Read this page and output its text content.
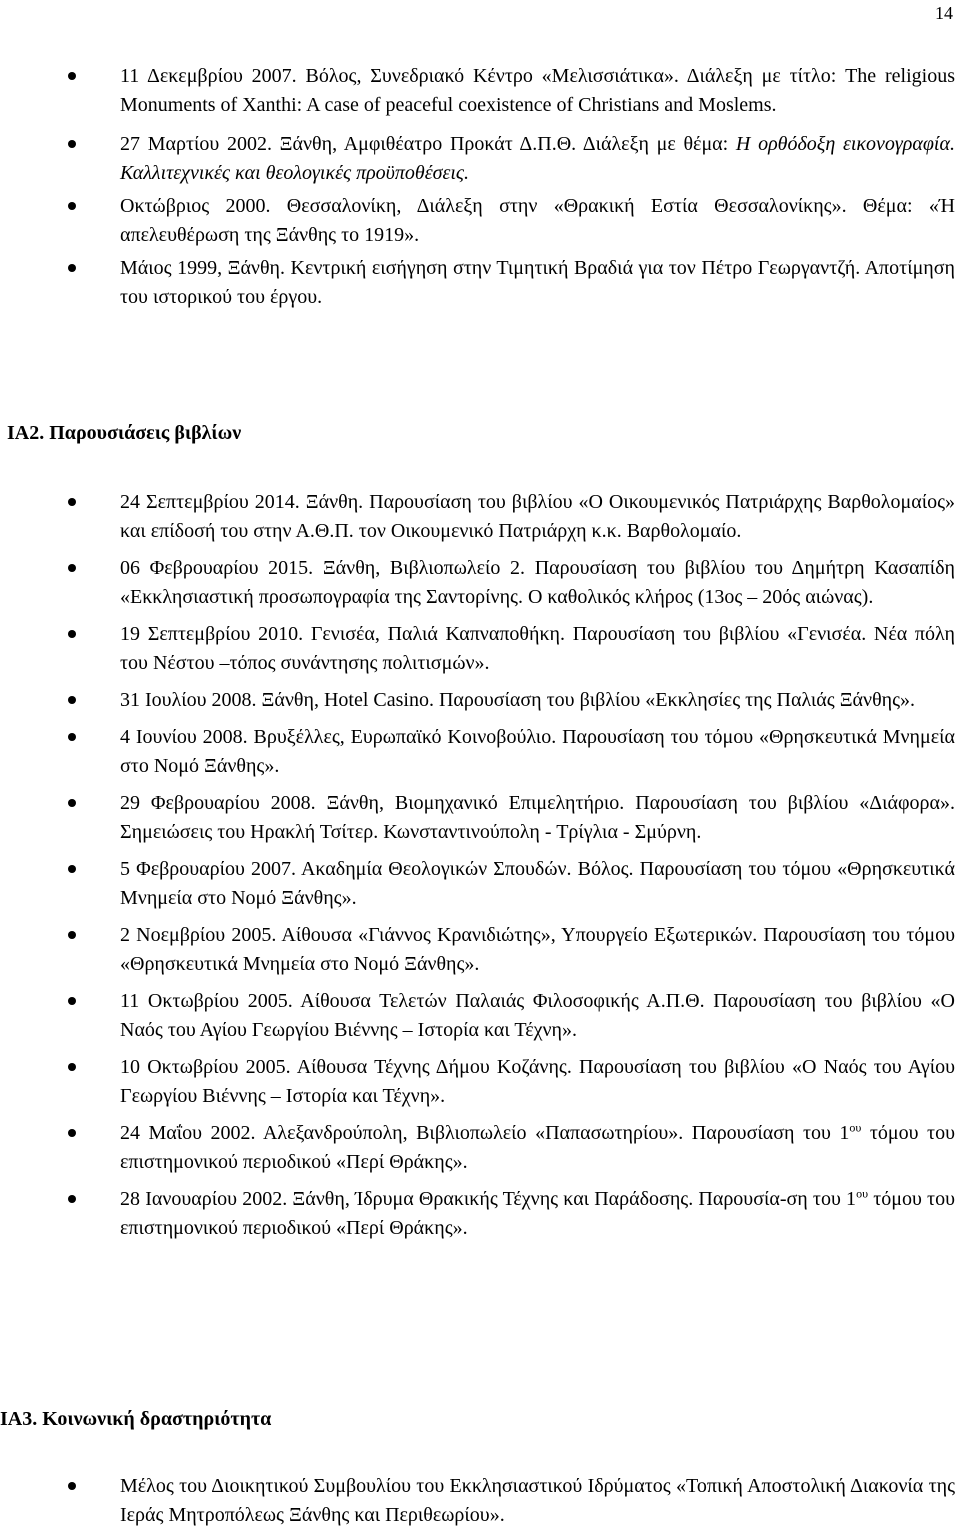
14
11 Δεκεμβρίου 2007. Βόλος, Συνεδριακό Κέντρο «Μελισσιάτικα». Διάλεξη με τίτλο: The religious Monuments of Xanthi: A case of peaceful coexistence of Christians and Moslems.
27 Μαρτίου 2002. Ξάνθη, Αμφιθέατρο Προκάτ Δ.Π.Θ. Διάλεξη με θέμα: Η ορθόδοξη εικονογραφία. Καλλιτεχνικές και θεολογικές προϋποθέσεις.
Οκτώβριος 2000. Θεσσαλονίκη, Διάλεξη στην «Θρακική Εστία Θεσσαλονίκης». Θέμα: «Ή απελευθέρωση της Ξάνθης το 1919».
Μάιος 1999, Ξάνθη. Κεντρική εισήγηση στην Τιμητική Βραδιά για τον Πέτρο Γεωργαντζή. Αποτίμηση του ιστορικού του έργου.
ΙΑ2. Παρουσιάσεις βιβλίων
24 Σεπτεμβρίου 2014. Ξάνθη. Παρουσίαση του βιβλίου «Ο Οικουμενικός Πατριάρχης Βαρθολομαίος» και επίδοσή του στην Α.Θ.Π. τον Οικουμενικό Πατριάρχη κ.κ. Βαρθολομαίο.
06 Φεβρουαρίου 2015. Ξάνθη, Βιβλιοπωλείο 2. Παρουσίαση του βιβλίου του Δημήτρη Κασαπίδη «Εκκλησιαστική προσωπογραφία της Σαντορίνης. Ο καθολικός κλήρος (13ος – 20ός αιώνας).
19 Σεπτεμβρίου 2010. Γενισέα, Παλιά Καπναποθήκη. Παρουσίαση του βιβλίου «Γενισέα. Νέα πόλη του Νέστου –τόπος συνάντησης πολιτισμών».
31 Ιουλίου 2008. Ξάνθη, Hotel Casino. Παρουσίαση του βιβλίου «Εκκλησίες της Παλιάς Ξάνθης».
4 Ιουνίου 2008. Βρυξέλλες, Ευρωπαϊκό Κοινοβούλιο. Παρουσίαση του τόμου «Θρησκευτικά Μνημεία στο Νομό Ξάνθης».
29 Φεβρουαρίου 2008. Ξάνθη, Βιομηχανικό Επιμελητήριο. Παρουσίαση του βιβλίου «Διάφορα». Σημειώσεις του Ηρακλή Τσίτερ. Κωνσταντινούπολη - Τρίγλια - Σμύρνη.
5 Φεβρουαρίου 2007. Ακαδημία Θεολογικών Σπουδών. Βόλος. Παρουσίαση του τόμου «Θρησκευτικά Μνημεία στο Νομό Ξάνθης».
2 Νοεμβρίου 2005. Αίθουσα «Γιάννος Κρανιδιώτης», Υπουργείο Εξωτερικών. Παρουσίαση του τόμου «Θρησκευτικά Μνημεία στο Νομό Ξάνθης».
11 Οκτωβρίου 2005. Αίθουσα Τελετών Παλαιάς Φιλοσοφικής Α.Π.Θ. Παρουσίαση του βιβλίου «Ο Ναός του Αγίου Γεωργίου Βιέννης – Ιστορία και Τέχνη».
10 Οκτωβρίου 2005. Αίθουσα Τέχνης Δήμου Κοζάνης. Παρουσίαση του βιβλίου «Ο Ναός του Αγίου Γεωργίου Βιέννης – Ιστορία και Τέχνη».
24 Μαΐου 2002. Αλεξανδρούπολη, Βιβλιοπωλείο «Παπασωτηρίου». Παρουσίαση του $1^{o\upsilon}$ τόμου του επιστημονικού περιοδικού «Περί Θράκης».
28 Ιανουαρίου 2002. Ξάνθη, Ίδρυμα Θρακικής Τέχνης και Παράδοσης. Παρουσία-ση του $1^{o\upsilon}$ τόμου του επιστημονικού περιοδικού «Περί Θράκης».
ΙΑ3. Κοινωνική δραστηριότητα
Μέλος του Διοικητικού Συμβουλίου του Εκκλησιαστικού Ιδρύματος «Τοπική Αποστολική Διακονία της Ιεράς Μητροπόλεως Ξάνθης και Περιθεωρίου».
